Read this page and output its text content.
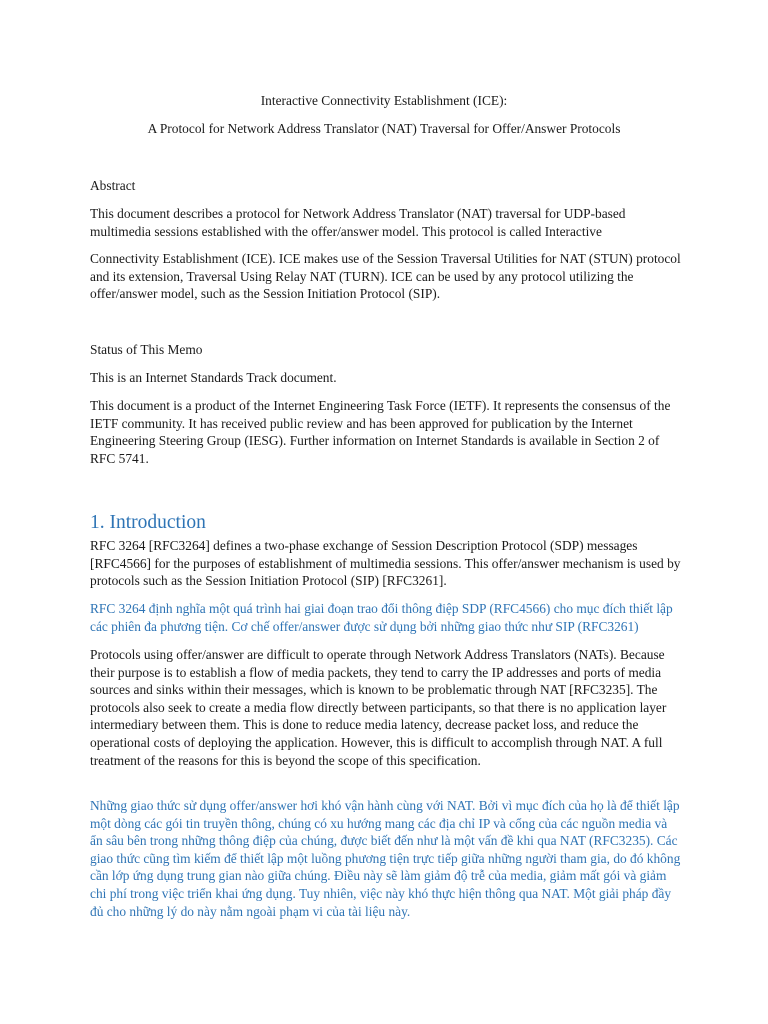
Interactive Connectivity Establishment (ICE):

A Protocol for Network Address Translator (NAT) Traversal for Offer/Answer Protocols

Abstract

This document describes a protocol for Network Address Translator (NAT) traversal for UDP-based multimedia sessions established with the offer/answer model. This protocol is called Interactive

Connectivity Establishment (ICE). ICE makes use of the Session Traversal Utilities for NAT (STUN) protocol and its extension, Traversal Using Relay NAT (TURN). ICE can be used by any protocol utilizing the offer/answer model, such as the Session Initiation Protocol (SIP).

Status of This Memo

This is an Internet Standards Track document.

This document is a product of the Internet Engineering Task Force (IETF). It represents the consensus of the IETF community. It has received public review and has been approved for publication by the Internet Engineering Steering Group (IESG). Further information on Internet Standards is available in Section 2 of RFC 5741.

1. Introduction

RFC 3264 [RFC3264] defines a two-phase exchange of Session Description Protocol (SDP) messages [RFC4566] for the purposes of establishment of multimedia sessions. This offer/answer mechanism is used by protocols such as the Session Initiation Protocol (SIP) [RFC3261].

RFC 3264 định nghĩa một quá trình hai giai đoạn trao đổi thông điệp SDP (RFC4566) cho mục đích thiết lập các phiên đa phương tiện. Cơ chế offer/answer được sử dụng bởi những giao thức như SIP (RFC3261)

Protocols using offer/answer are difficult to operate through Network Address Translators (NATs). Because their purpose is to establish a flow of media packets, they tend to carry the IP addresses and ports of media sources and sinks within their messages, which is known to be problematic through NAT [RFC3235]. The protocols also seek to create a media flow directly between participants, so that there is no application layer intermediary between them. This is done to reduce media latency, decrease packet loss, and reduce the operational costs of deploying the application. However, this is difficult to accomplish through NAT. A full treatment of the reasons for this is beyond the scope of this specification.

Những giao thức sử dụng offer/answer hơi khó vận hành cùng với NAT. Bởi vì mục đích của họ là để thiết lập một dòng các gói tin truyền thông, chúng có xu hướng mang các địa chỉ IP và cổng của các nguồn media và ẩn sâu bên trong những thông điệp của chúng, được biết đến như là một vấn đề khi qua NAT (RFC3235). Các giao thức cũng tìm kiếm để thiết lập một luồng phương tiện trực tiếp giữa những người tham gia, do đó không cần lớp ứng dụng trung gian nào giữa chúng. Điều này sẽ làm giảm độ trễ của media, giảm mất gói và giảm chi phí trong việc triển khai ứng dụng. Tuy nhiên, việc này khó thực hiện thông qua NAT. Một giải pháp đầy đủ cho những lý do này nằm ngoài phạm vi của tài liệu này.
